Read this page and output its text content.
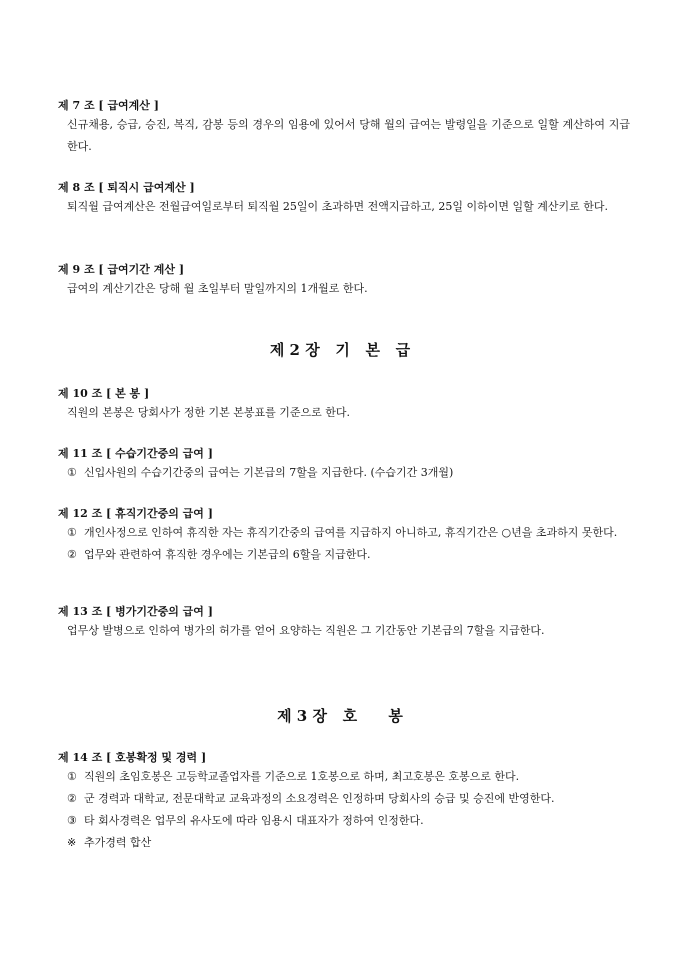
제 7 조 [ 급여계산 ]
신규채용, 승급, 승진, 복직, 감봉 등의 경우의 임용에 있어서 당해 월의 급여는 발령일을 기준으로 일할 계산하여 지급한다.
제 8 조 [ 퇴직시 급여계산 ]
퇴직월 급여계산은 전월급여일로부터 퇴직월 25일이 초과하면 전액지급하고, 25일 이하이면 일할 계산키로 한다.
제 9 조 [ 급여기간 계산 ]
급여의 계산기간은 당해 월 초일부터 말일까지의 1개월로 한다.
제 2 장   기   본   급
제 10 조 [ 본 봉 ]
직원의 본봉은 당회사가 정한 기본 본봉표를 기준으로 한다.
제 11 조 [ 수습기간중의 급여 ]
① 신입사원의 수습기간중의 급여는 기본급의 7할을 지급한다. (수습기간 3개월)
제 12 조 [ 휴직기간중의 급여 ]
① 개인사정으로 인하여 휴직한 자는 휴직기간중의 급여를 지급하지 아니하고, 휴직기간은 ○년을 초과하지 못한다.
② 업무와 관련하여 휴직한 경우에는 기본급의 6할을 지급한다.
제 13 조 [ 병가기간중의 급여 ]
업무상 발병으로 인하여 병가의 허가를 얻어 요양하는 직원은 그 기간동안 기본급의 7할을 지급한다.
제 3 장   호      봉
제 14 조 [ 호봉확정 및 경력 ]
① 직원의 초임호봉은 고등학교졸업자를 기준으로 1호봉으로 하며, 최고호봉은 호봉으로 한다.
② 군 경력과 대학교, 전문대학교 교육과정의 소요경력은 인정하며 당회사의 승급 및 승진에 반영한다.
③ 타 회사경력은 업무의 유사도에 따라 임용시 대표자가 정하여 인정한다.
※ 추가경력 합산
